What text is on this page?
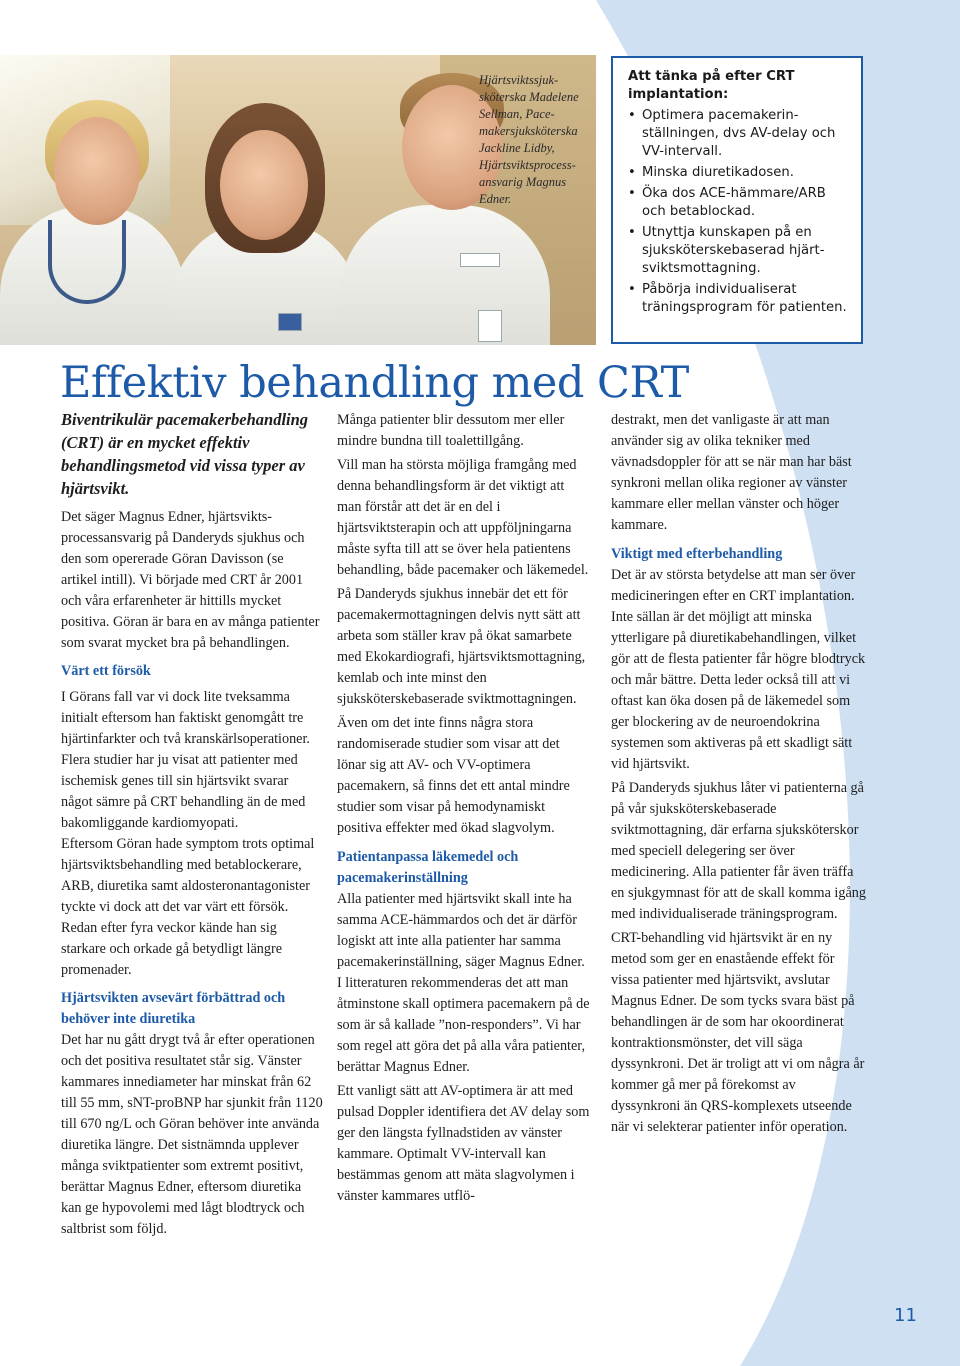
Hjärtsviktssjuksköterska Madelene Sellman, Pacemakersjuksköterska Jackline Lidby, Hjärtsviktsprocessansvarig Magnus Edner.
Att tänka på efter CRT implantation:
• Optimera pacemakerinställningen, dvs AV-delay och VV-intervall.
• Minska diuretikadosen.
• Öka dos ACE-hämmare/ARB och betablockad.
• Utnyttja kunskapen på en sjuksköterskebaserad hjärtsviktsmottagning.
• Påbörja individualiserat träningsprogram för patienten.
Effektiv behandling med CRT

Biventrikulär pacemakerbehandling (CRT) är en mycket effektiv behandlingsmetod vid vissa typer av hjärtsvikt.

Det säger Magnus Edner, hjärtsviktsprocessansvarig på Danderyds sjukhus och den som opererade Göran Davisson (se artikel intill). Vi började med CRT år 2001 och våra erfarenheter är hittills mycket positiva. Göran är bara en av många patienter som svarat mycket bra på behandlingen.

Värt ett försök

I Görans fall var vi dock lite tveksamma initialt eftersom han faktiskt genomgått tre hjärtinfarkter och två kranskärlsoperationer. Flera studier har ju visat att patienter med ischemisk genes till sin hjärtsvikt svarar något sämre på CRT behandling än de med bakomliggande kardiomyopati.

Eftersom Göran hade symptom trots optimal hjärtsviktsbehandling med betablockerare, ARB, diuretika samt aldosteronantagonister tyckte vi dock att det var värt ett försök. Redan efter fyra veckor kände han sig starkare och orkade gå betydligt längre promenader.

Hjärtsvikten avsevärt förbättrad och behöver inte diuretika

Det har nu gått drygt två år efter operationen och det positiva resultatet står sig. Vänster kammares innediameter har minskat från 62 till 55 mm, sNT-proBNP har sjunkit från 1120 till 670 ng/L och Göran behöver inte använda diuretika längre. Det sistnämnda upplever många sviktpatienter som extremt positivt, berättar Magnus Edner, eftersom diuretika kan ge hypovolemi med lågt blodtryck och saltbrist som följd.

Många patienter blir dessutom mer eller mindre bundna till toalettillgång.

Vill man ha största möjliga framgång med denna behandlingsform är det viktigt att man förstår att det är en del i hjärtsviktsterapin och att uppföljningarna måste syfta till att se över hela patientens behandling, både pacemaker och läkemedel.

På Danderyds sjukhus innebär det ett för pacemakermottagningen delvis nytt sätt att arbeta som ställer krav på ökat samarbete med Ekokardiografi, hjärtsviktsmottagning, kemlab och inte minst den sjuksköterskebaserade sviktmottagningen.

Även om det inte finns några stora randomiserade studier som visar att det lönar sig att AV- och VV-optimera pacemakern, så finns det ett antal mindre studier som visar på hemodynamiskt positiva effekter med ökad slagvolym.

Patientanpassa läkemedel och pacemakerinställning

Alla patienter med hjärtsvikt skall inte ha samma ACE-hämmardos och det är därför logiskt att inte alla patienter har samma pacemakerinställning, säger Magnus Edner. I litteraturen rekommenderas det att man åtminstone skall optimera pacemakern på de som är så kallade ”non-responders”. Vi har som regel att göra det på alla våra patienter, berättar Magnus Edner.

Ett vanligt sätt att AV-optimera är att med pulsad Doppler identifiera det AV delay som ger den längsta fyllnadstiden av vänster kammare. Optimalt VV-intervall kan bestämmas genom att mäta slagvolymen i vänster kammares utflö-

destrakt, men det vanligaste är att man använder sig av olika tekniker med vävnadsdoppler för att se när man har bäst synkroni mellan olika regioner av vänster kammare eller mellan vänster och höger kammare.

Viktigt med efterbehandling

Det är av största betydelse att man ser över medicineringen efter en CRT implantation. Inte sällan är det möjligt att minska ytterligare på diuretikabehandlingen, vilket gör att de flesta patienter får högre blodtryck och mår bättre. Detta leder också till att vi oftast kan öka dosen på de läkemedel som ger blockering av de neuroendokrina systemen som aktiveras på ett skadligt sätt vid hjärtsvikt.

På Danderyds sjukhus låter vi patienterna gå på vår sjuksköterskebaserade sviktmottagning, där erfarna sjuksköterskor med speciell delegering ser över medicinering. Alla patienter får även träffa en sjukgymnast för att de skall komma igång med individualiserade träningsprogram.

CRT-behandling vid hjärtsvikt är en ny metod som ger en enastående effekt för vissa patienter med hjärtsvikt, avslutar Magnus Edner. De som tycks svara bäst på behandlingen är de som har okoordinerat kontraktionsmönster, det vill säga dyssynkroni. Det är troligt att vi om några år kommer gå mer på förekomst av dyssynkroni än QRS-komplexets utseende när vi selekterar patienter inför operation.

11
